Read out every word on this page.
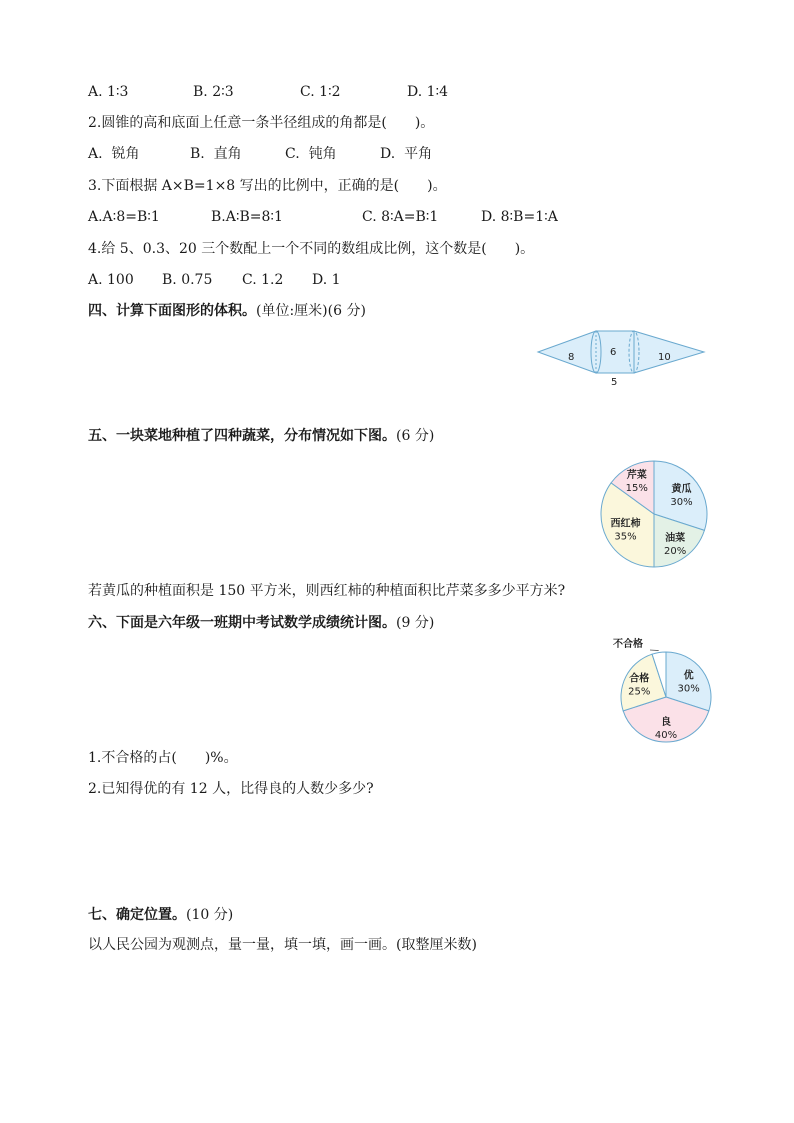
A. 1∶3	B. 2∶3	C. 1∶2	D. 1∶4
2.圆锥的高和底面上任意一条半径组成的角都是(　　)。
A.  锐角	B.  直角	C.  钝角	D.  平角
3.下面根据 A×B=1×8 写出的比例中，正确的是(　　)。
A.A∶8=B∶1	B.A∶B=8∶1	C. 8∶A=B∶1	D. 8∶B=1∶A
4.给 5、0.3、20 三个数配上一个不同的数组成比例，这个数是(　　)。
A. 100 B. 0.75 C. 1.2 D. 1
四、计算下面图形的体积。(单位:厘米)(6 分)
8	6	10
5
五、一块菜地种植了四种蔬菜，分布情况如下图。(6 分)
黄瓜
30%
油菜
20%
西红柿
35%
芹菜
15%
若黄瓜的种植面积是 150 平方米，则西红柿的种植面积比芹菜多多少平方米?
六、下面是六年级一班期中考试数学成绩统计图。(9 分)
优
30%
良
40%
合格
25%
不合格
1.不合格的占(　　)%。
2.已知得优的有 12 人，比得良的人数少多少?
七、确定位置。(10 分)
以人民公园为观测点，量一量，填一填，画一画。(取整厘米数)
